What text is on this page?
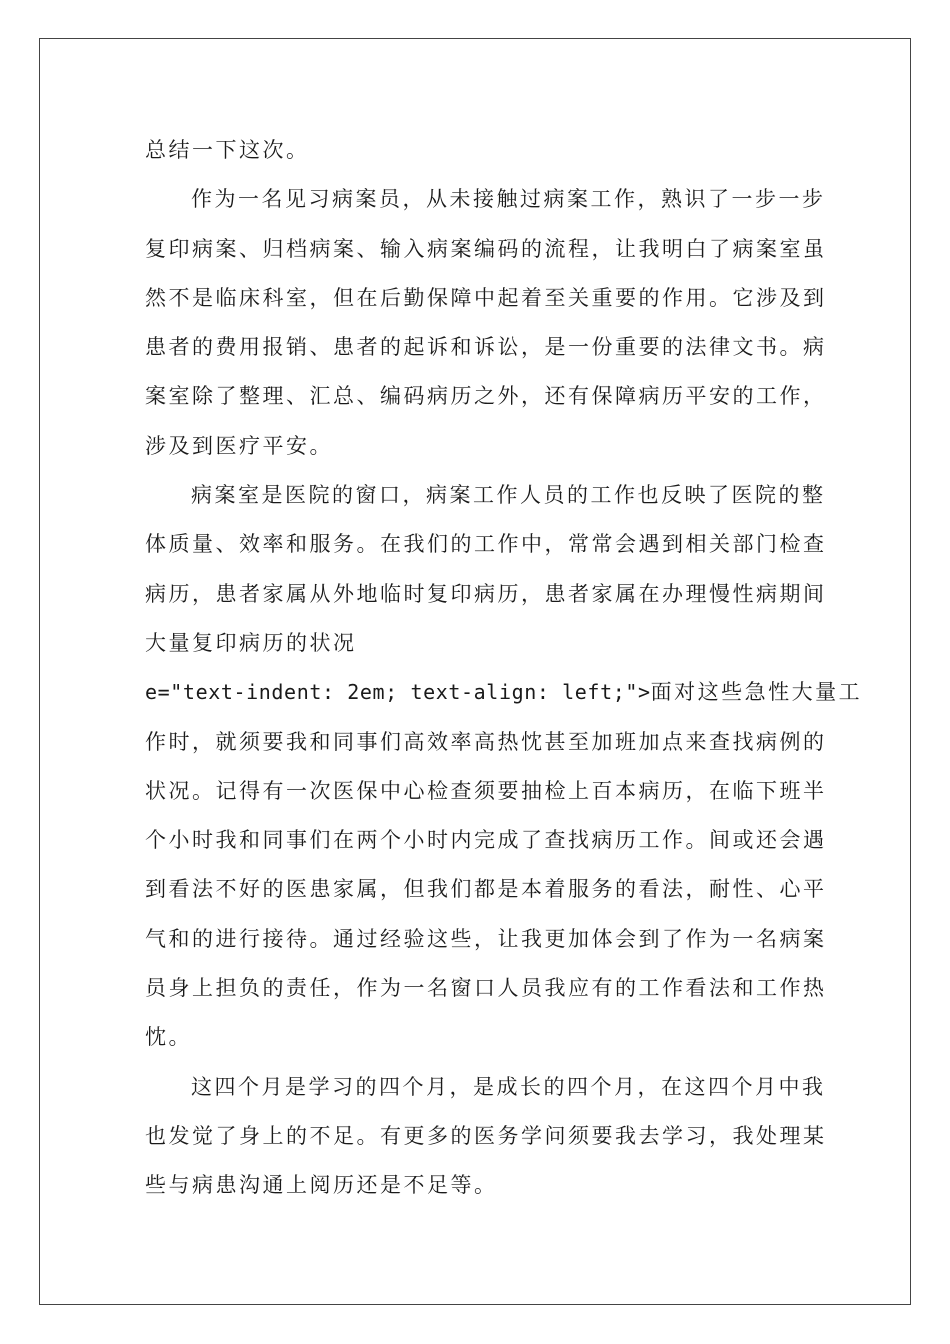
总结一下这次。
作为一名见习病案员，从未接触过病案工作，熟识了一步一步
复印病案、归档病案、输入病案编码的流程，让我明白了病案室虽
然不是临床科室，但在后勤保障中起着至关重要的作用。它涉及到
患者的费用报销、患者的起诉和诉讼，是一份重要的法律文书。病
案室除了整理、汇总、编码病历之外，还有保障病历平安的工作，
涉及到医疗平安。
病案室是医院的窗口，病案工作人员的工作也反映了医院的整
体质量、效率和服务。在我们的工作中，常常会遇到相关部门检查
病历，患者家属从外地临时复印病历，患者家属在办理慢性病期间
大量复印病历的状况
e="text-indent: 2em; text-align: left;">面对这些急性大量工
作时，就须要我和同事们高效率高热忱甚至加班加点来查找病例的
状况。记得有一次医保中心检查须要抽检上百本病历，在临下班半
个小时我和同事们在两个小时内完成了查找病历工作。间或还会遇
到看法不好的医患家属，但我们都是本着服务的看法，耐性、心平
气和的进行接待。通过经验这些，让我更加体会到了作为一名病案
员身上担负的责任，作为一名窗口人员我应有的工作看法和工作热
忱。
这四个月是学习的四个月，是成长的四个月，在这四个月中我
也发觉了身上的不足。有更多的医务学问须要我去学习，我处理某
些与病患沟通上阅历还是不足等。
